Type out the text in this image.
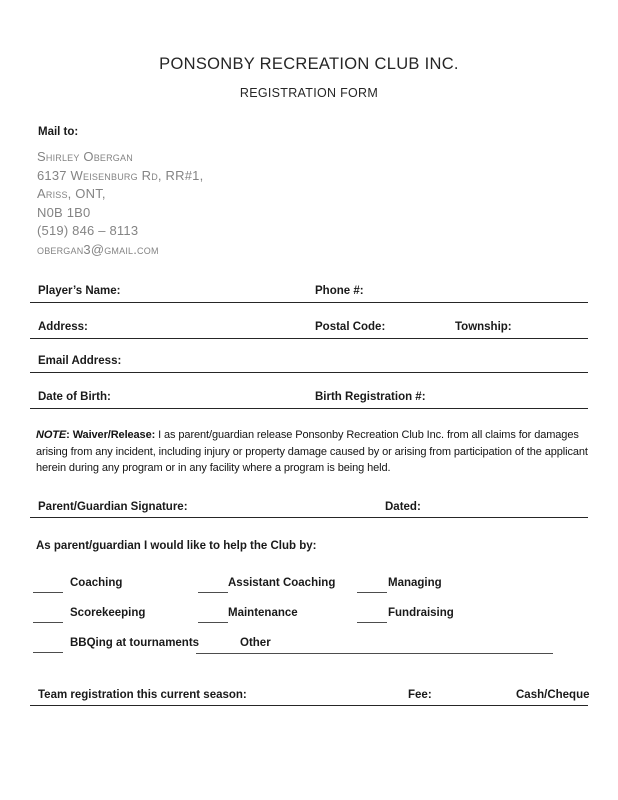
PONSONBY RECREATION CLUB INC.
REGISTRATION FORM
Mail to:
Shirley Obergan
6137 Weisenburg Rd, RR#1,
Ariss, ONT,
N0B 1B0
(519) 846 – 8113
obergan3@gmail.com
Player’s Name:	Phone #:
Address:	Postal Code:	Township:
Email Address:
Date of Birth:	Birth Registration #:

NOTE: Waiver/Release: I as parent/guardian release Ponsonby Recreation Club Inc. from all claims for damages arising from any incident, including injury or property damage caused by or arising from participation of the applicant herein during any program or in any facility where a program is being held.

Parent/Guardian Signature:	Dated:
As parent/guardian I would like to help the Club by:
Coaching	Assistant Coaching	Managing
Scorekeeping	Maintenance	Fundraising
BBQing at tournaments	Other
Team registration this current season:	Fee:	Cash/Cheque
